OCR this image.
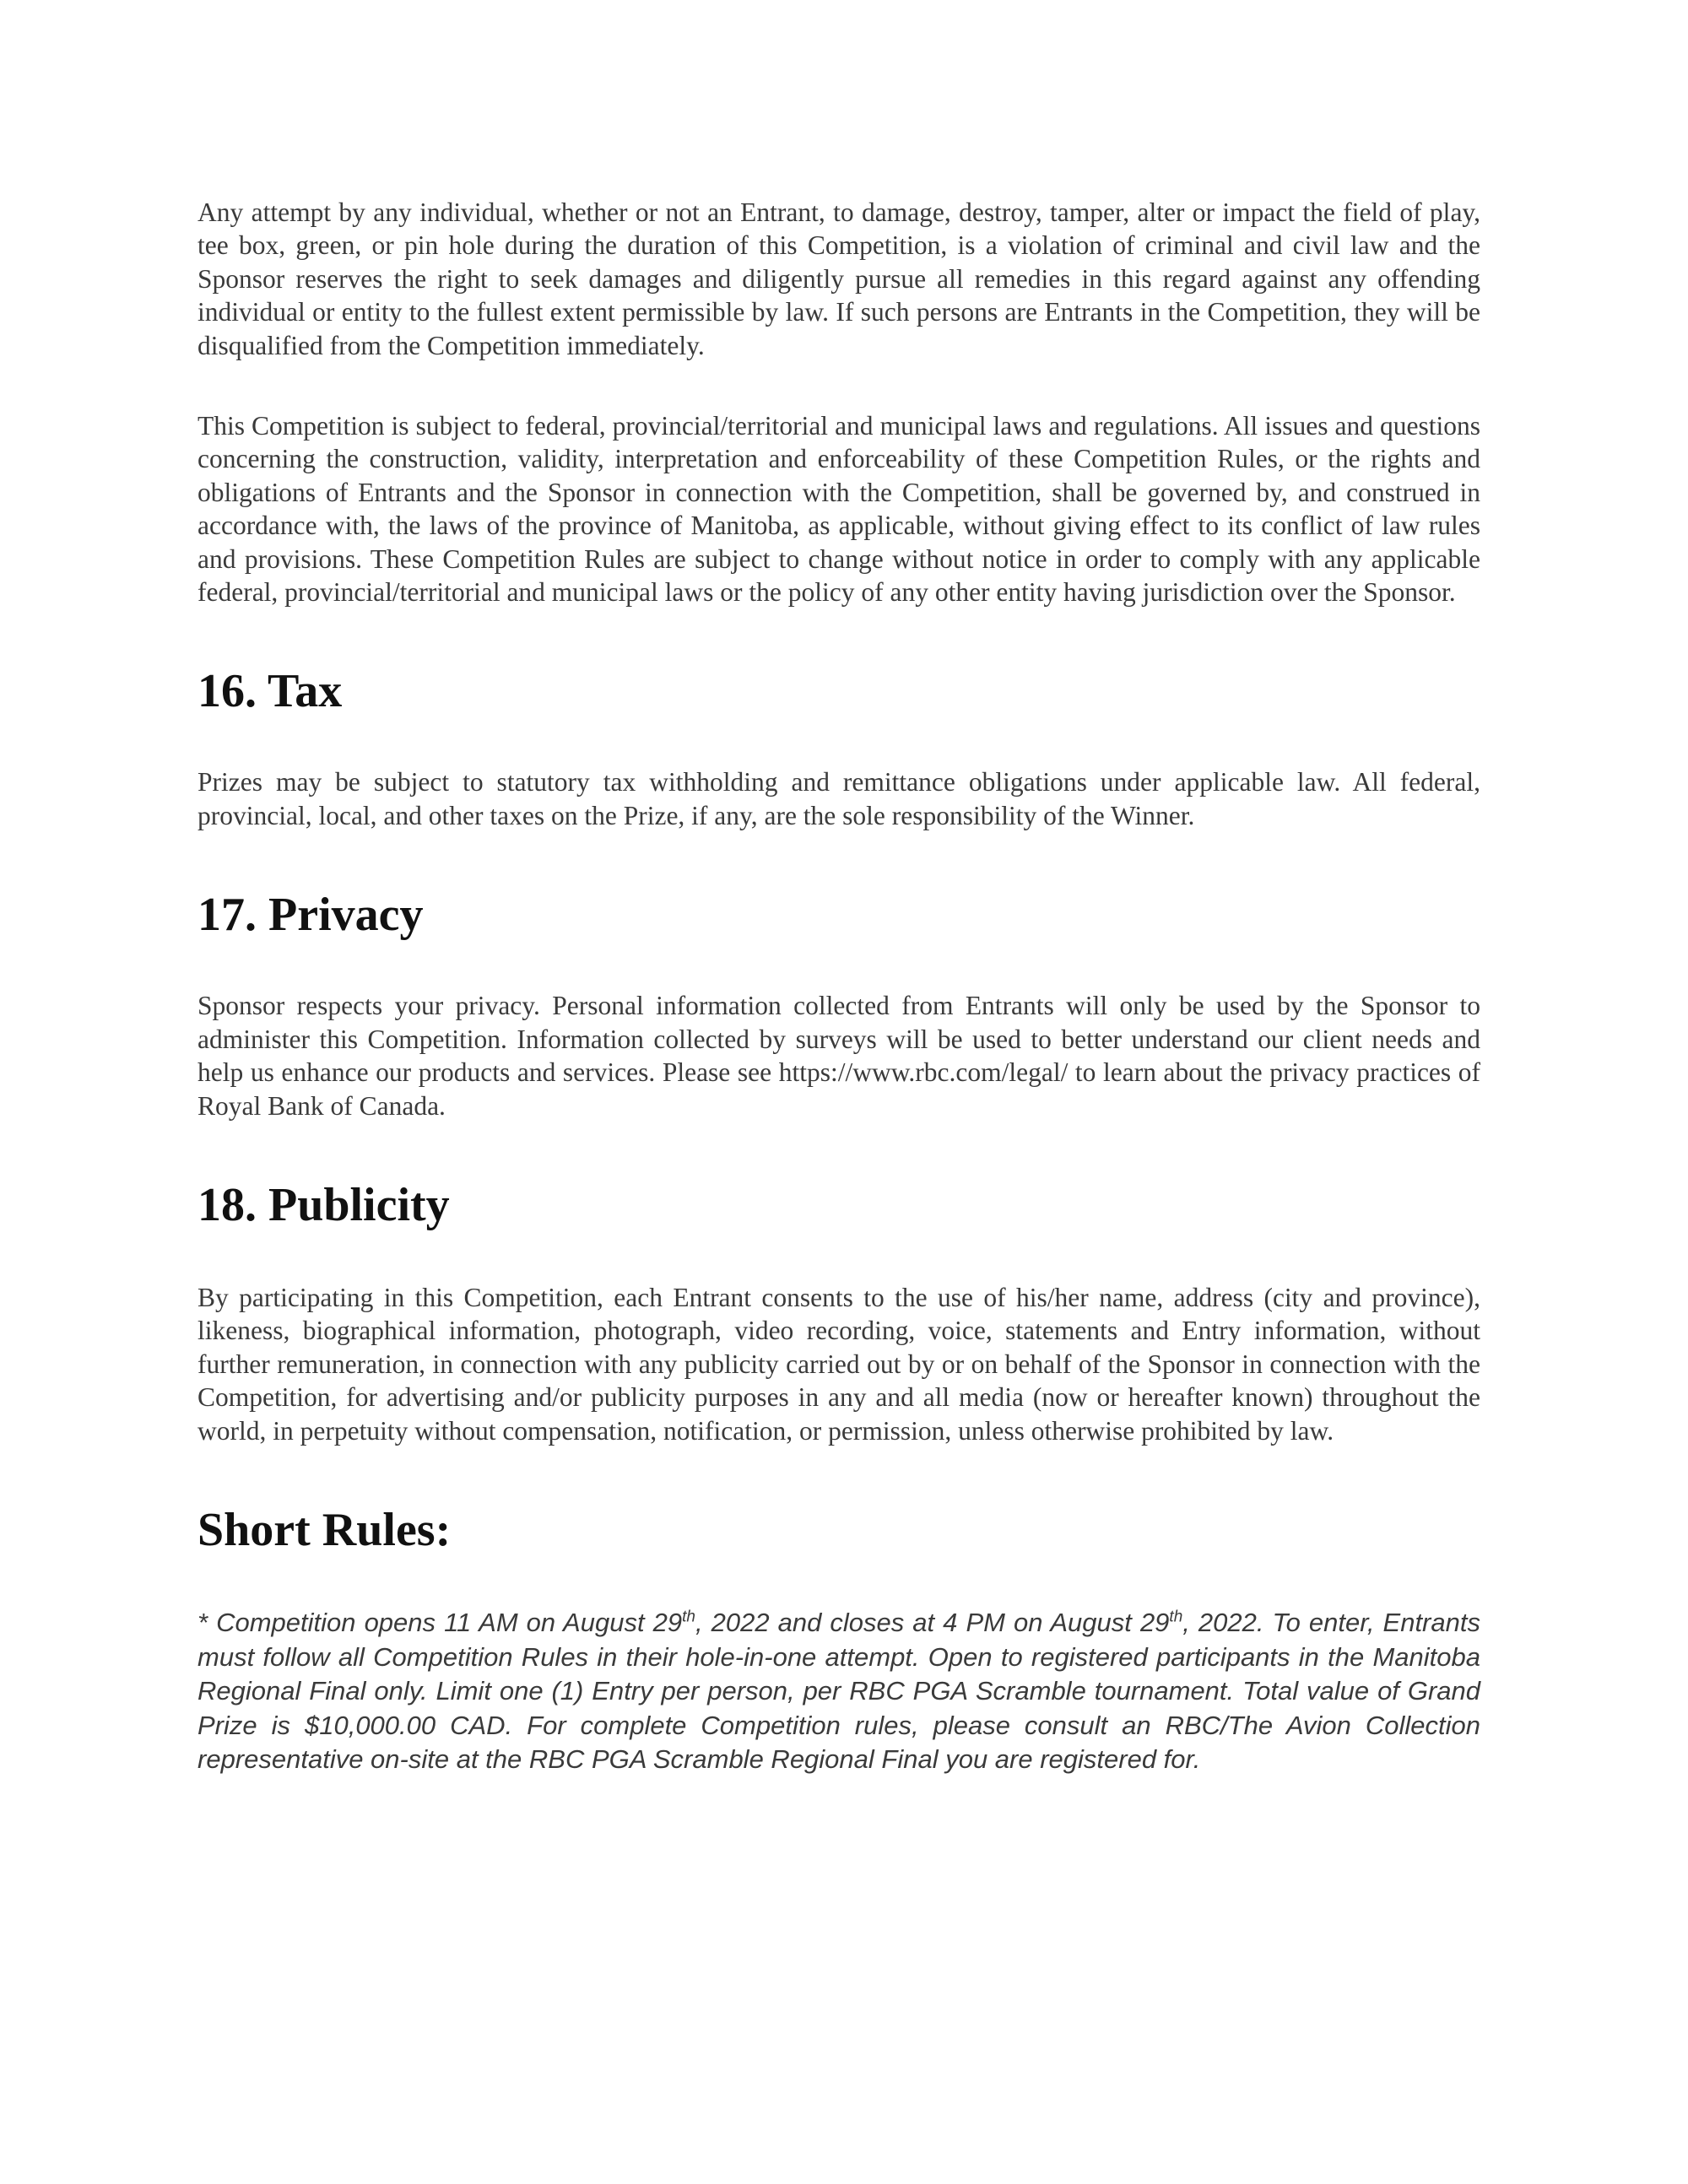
Any attempt by any individual, whether or not an Entrant, to damage, destroy, tamper, alter or impact the field of play, tee box, green, or pin hole during the duration of this Competition, is a violation of criminal and civil law and the Sponsor reserves the right to seek damages and diligently pursue all remedies in this regard against any offending individual or entity to the fullest extent permissible by law. If such persons are Entrants in the Competition, they will be disqualified from the Competition immediately.

This Competition is subject to federal, provincial/territorial and municipal laws and regulations. All issues and questions concerning the construction, validity, interpretation and enforceability of these Competition Rules, or the rights and obligations of Entrants and the Sponsor in connection with the Competition, shall be governed by, and construed in accordance with, the laws of the province of Manitoba, as applicable, without giving effect to its conflict of law rules and provisions. These Competition Rules are subject to change without notice in order to comply with any applicable federal, provincial/territorial and municipal laws or the policy of any other entity having jurisdiction over the Sponsor.

16. Tax

Prizes may be subject to statutory tax withholding and remittance obligations under applicable law. All federal, provincial, local, and other taxes on the Prize, if any, are the sole responsibility of the Winner.

17. Privacy

Sponsor respects your privacy. Personal information collected from Entrants will only be used by the Sponsor to administer this Competition. Information collected by surveys will be used to better understand our client needs and help us enhance our products and services. Please see https://www.rbc.com/legal/ to learn about the privacy practices of Royal Bank of Canada.

18. Publicity

By participating in this Competition, each Entrant consents to the use of his/her name, address (city and province), likeness, biographical information, photograph, video recording, voice, statements and Entry information, without further remuneration, in connection with any publicity carried out by or on behalf of the Sponsor in connection with the Competition, for advertising and/or publicity purposes in any and all media (now or hereafter known) throughout the world, in perpetuity without compensation, notification, or permission, unless otherwise prohibited by law.

Short Rules:

* Competition opens 11 AM on August 29th, 2022 and closes at 4 PM on August 29th, 2022. To enter, Entrants must follow all Competition Rules in their hole-in-one attempt. Open to registered participants in the Manitoba Regional Final only. Limit one (1) Entry per person, per RBC PGA Scramble tournament. Total value of Grand Prize is $10,000.00 CAD. For complete Competition rules, please consult an RBC/The Avion Collection representative on-site at the RBC PGA Scramble Regional Final you are registered for.
